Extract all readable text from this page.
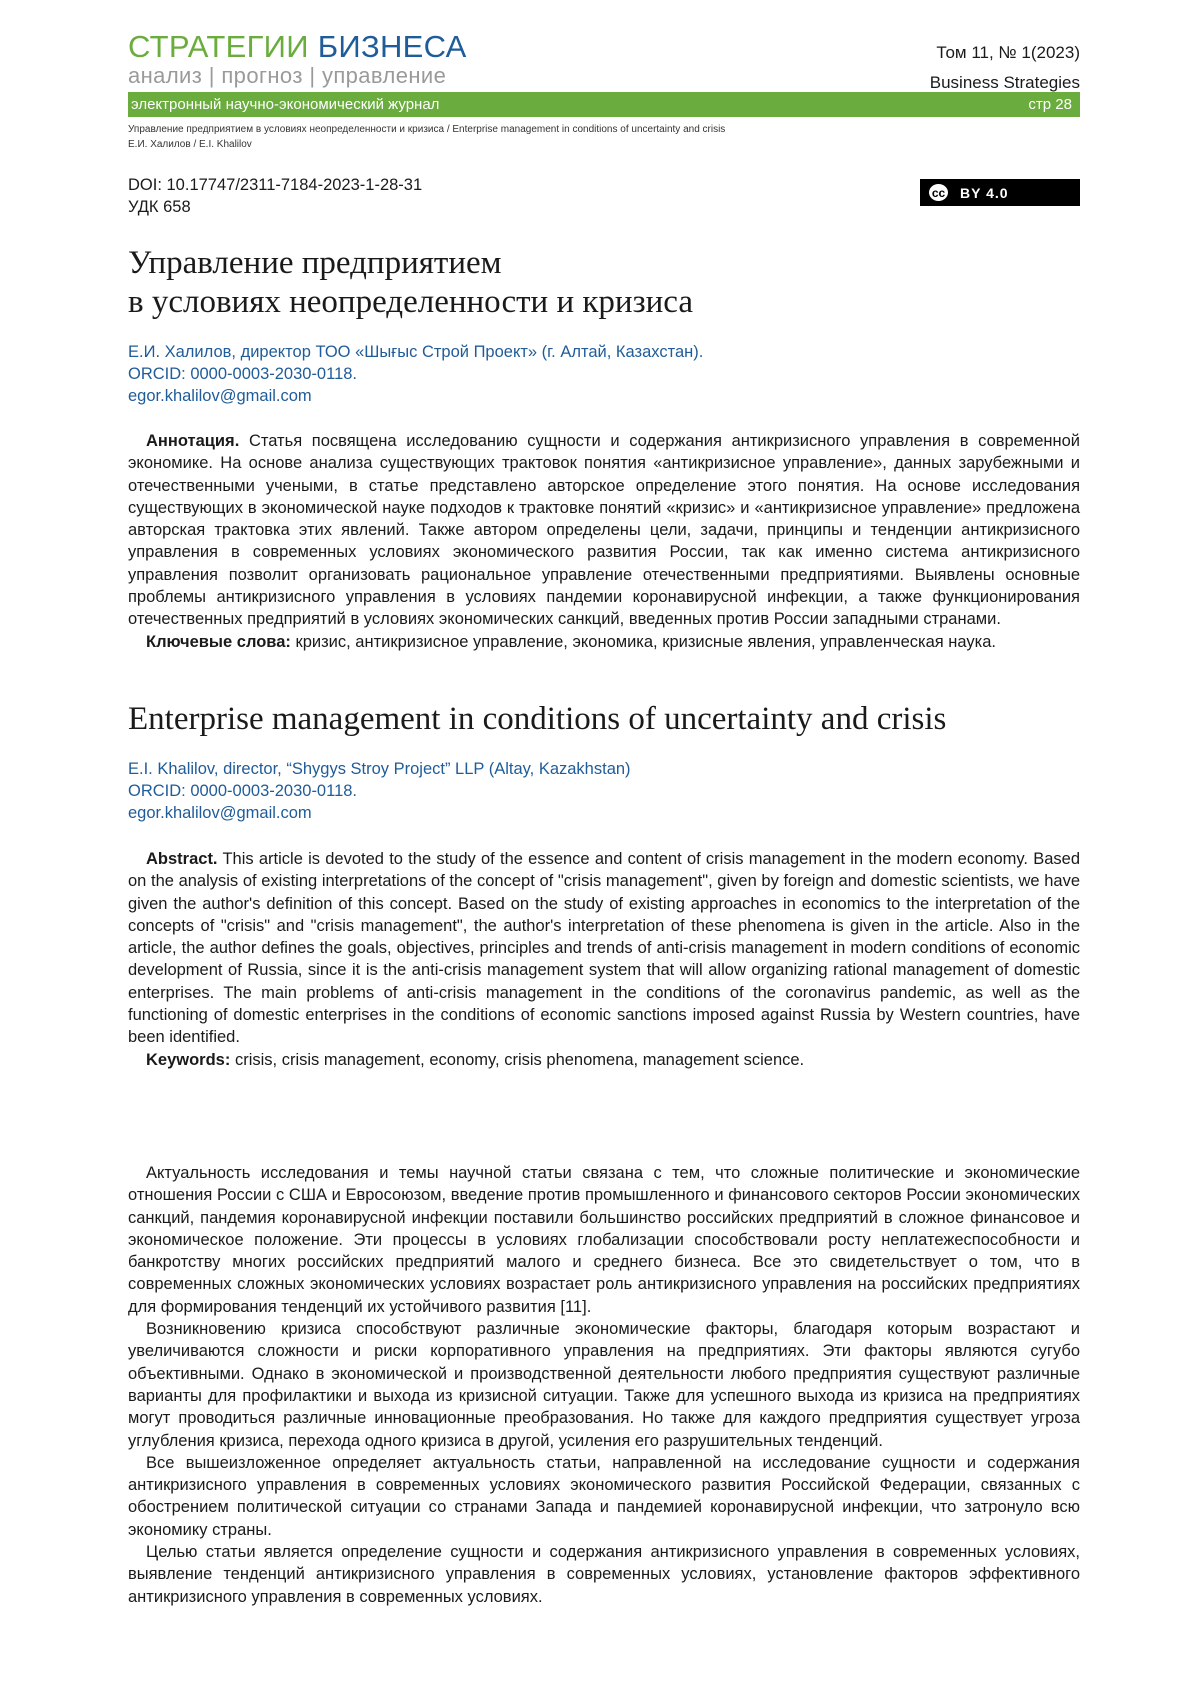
СТРАТЕГИИ БИЗНЕСА
анализ | прогноз | управление
Том 11, № 1(2023)
Business Strategies
электронный научно-экономический журнал	стр 28
Управление предприятием в условиях неопределенности и кризиса / Enterprise management in conditions of uncertainty and crisis
Е.И. Халилов / E.I. Khalilov
DOI: 10.17747/2311-7184-2023-1-28-31
УДК 658
cc	BY 4.0
Управление предприятием
в условиях неопределенности и кризиса
Е.И. Халилов, директор ТОО «Шығыс Строй Проект» (г. Алтай, Казахстан).
ORCID: 0000-0003-2030-0118.
egor.khalilov@gmail.com

Аннотация. Статья посвящена исследованию сущности и содержания антикризисного управления в современной экономике. На основе анализа существующих трактовок понятия «антикризисное управление», данных зарубежными и отечественными учеными, в статье представлено авторское определение этого понятия. На основе исследования существующих в экономической науке подходов к трактовке понятий «кризис» и «антикризисное управление» предложена авторская трактовка этих явлений. Также автором определены цели, задачи, принципы и тенденции антикризисного управления в современных условиях экономического развития России, так как именно система антикризисного управления позволит организовать рациональное управление отечественными предприятиями. Выявлены основные проблемы антикризисного управления в условиях пандемии коронавирусной инфекции, а также функционирования отечественных предприятий в условиях экономических санкций, введенных против России западными странами.

Ключевые слова: кризис, антикризисное управление, экономика, кризисные явления, управленческая наука.

Enterprise management in conditions of uncertainty and crisis
E.I. Khalilov, director, “Shygys Stroy Project” LLP (Altay, Kazakhstan)
ORCID: 0000-0003-2030-0118.
egor.khalilov@gmail.com

Abstract. This article is devoted to the study of the essence and content of crisis management in the modern economy. Based on the analysis of existing interpretations of the concept of "crisis management", given by foreign and domestic scientists, we have given the author's definition of this concept. Based on the study of existing approaches in economics to the interpretation of the concepts of "crisis" and "crisis management", the author's interpretation of these phenomena is given in the article. Also in the article, the author defines the goals, objectives, principles and trends of anti-crisis management in modern conditions of economic development of Russia, since it is the anti-crisis management system that will allow organizing rational management of domestic enterprises. The main problems of anti-crisis management in the conditions of the coronavirus pandemic, as well as the functioning of domestic enterprises in the conditions of economic sanctions imposed against Russia by Western countries, have been identified.

Keywords: crisis, crisis management, economy, crisis phenomena, management science.

Актуальность исследования и темы научной статьи связана с тем, что сложные политические и экономические отношения России с США и Евросоюзом, введение против промышленного и финансового секторов России экономических санкций, пандемия коронавирусной инфекции поставили большинство российских предприятий в сложное финансовое и экономическое положение. Эти процессы в условиях глобализации способствовали росту неплатежеспособности и банкротству многих российских предприятий малого и среднего бизнеса. Все это свидетельствует о том, что в современных сложных экономических условиях возрастает роль антикризисного управления на российских предприятиях для формирования тенденций их устойчивого развития [11].

Возникновению кризиса способствуют различные экономические факторы, благодаря которым возрастают и увеличиваются сложности и риски корпоративного управления на предприятиях. Эти факторы являются сугубо объективными. Однако в экономической и производственной деятельности любого предприятия существуют различные варианты для профилактики и выхода из кризисной ситуации. Также для успешного выхода из кризиса на предприятиях могут проводиться различные инновационные преобразования. Но также для каждого предприятия существует угроза углубления кризиса, перехода одного кризиса в другой, усиления его разрушительных тенденций.

Все вышеизложенное определяет актуальность статьи, направленной на исследование сущности и содержания антикризисного управления в современных условиях экономического развития Российской Федерации, связанных с обострением политической ситуации со странами Запада и пандемией коронавирусной инфекции, что затронуло всю экономику страны.

Целью статьи является определение сущности и содержания антикризисного управления в современных условиях, выявление тенденций антикризисного управления в современных условиях, установление факторов эффективного антикризисного управления в современных условиях.
